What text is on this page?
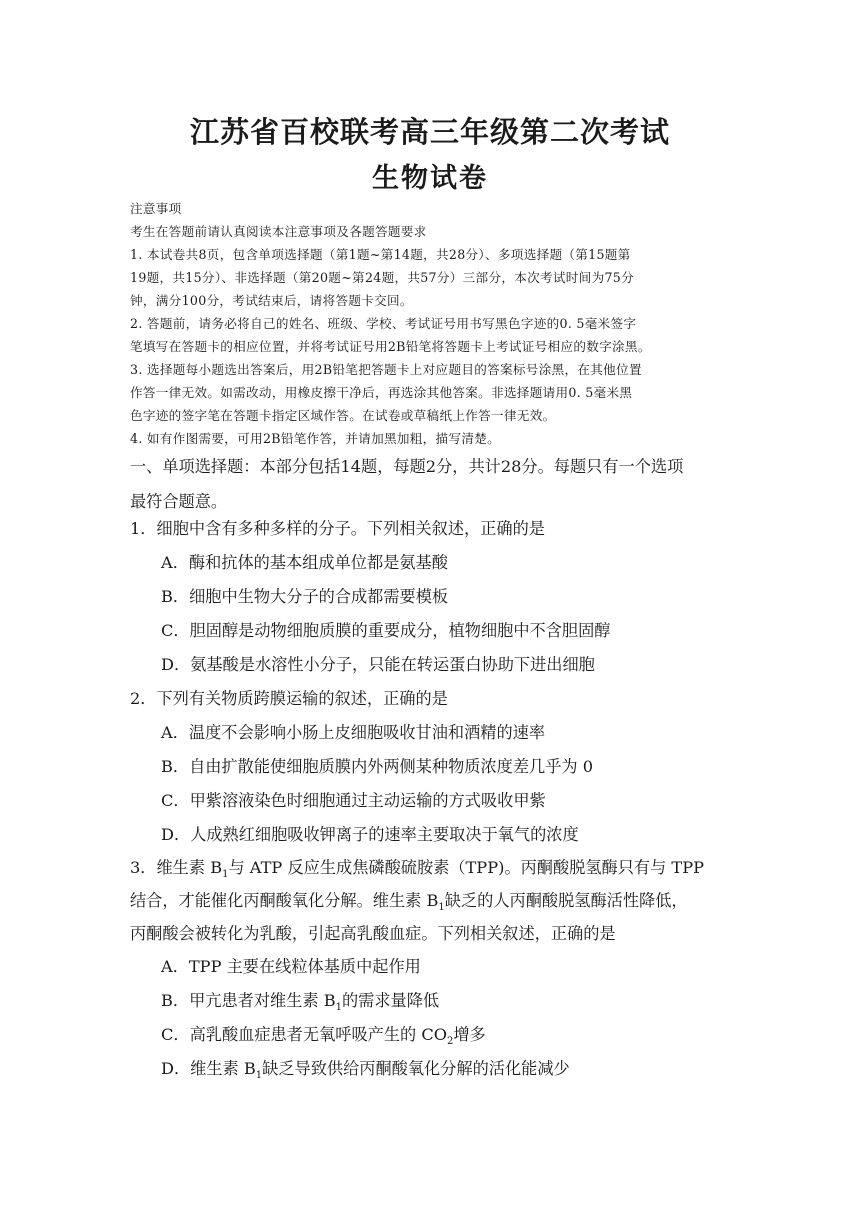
江苏省百校联考高三年级第二次考试
生物试卷
注意事项
考生在答题前请认真阅读本注意事项及各题答题要求
1. 本试卷共8页，包含单项选择题（第1题~第14题，共28分）、多项选择题（第15题第
19题，共15分）、非选择题（第20题~第24题，共57分）三部分，本次考试时间为75分
钟，满分100分，考试结束后，请将答题卡交回。
2. 答题前，请务必将自己的姓名、班级、学校、考试证号用书写黑色字迹的0. 5毫米签字
笔填写在答题卡的相应位置，并将考试证号用2B铅笔将答题卡上考试证号相应的数字涂黑。
3. 选择题每小题选出答案后，用2B铅笔把答题卡上对应题目的答案标号涂黑，在其他位置
作答一律无效。如需改动，用橡皮擦干净后，再选涂其他答案。非选择题请用0. 5毫米黑
色字迹的签字笔在答题卡指定区域作答。在试卷或草稿纸上作答一律无效。
4. 如有作图需要，可用2B铅笔作答，并请加黑加粗，描写清楚。
一、单项选择题：本部分包括14题，每题2分，共计28分。每题只有一个选项
最符合题意。
1．细胞中含有多种多样的分子。下列相关叙述，正确的是
A．酶和抗体的基本组成单位都是氨基酸
B．细胞中生物大分子的合成都需要模板
C．胆固醇是动物细胞质膜的重要成分，植物细胞中不含胆固醇
D．氨基酸是水溶性小分子，只能在转运蛋白协助下进出细胞
2．下列有关物质跨膜运输的叙述，正确的是
A．温度不会影响小肠上皮细胞吸收甘油和酒精的速率
B．自由扩散能使细胞质膜内外两侧某种物质浓度差几乎为 0
C．甲紫溶液染色时细胞通过主动运输的方式吸收甲紫
D．人成熟红细胞吸收钾离子的速率主要取决于氧气的浓度
3．维生素 $B_1$与 ATP 反应生成焦磷酸硫胺素（TPP)。丙酮酸脱氢酶只有与 TPP
结合，才能催化丙酮酸氧化分解。维生素 $B_1$缺乏的人丙酮酸脱氢酶活性降低，
丙酮酸会被转化为乳酸，引起高乳酸血症。下列相关叙述，正确的是
A．TPP 主要在线粒体基质中起作用
B．甲亢患者对维生素 $B_1$的需求量降低
C．高乳酸血症患者无氧呼吸产生的 $CO_2$增多
D．维生素 $B_1$缺乏导致供给丙酮酸氧化分解的活化能减少
